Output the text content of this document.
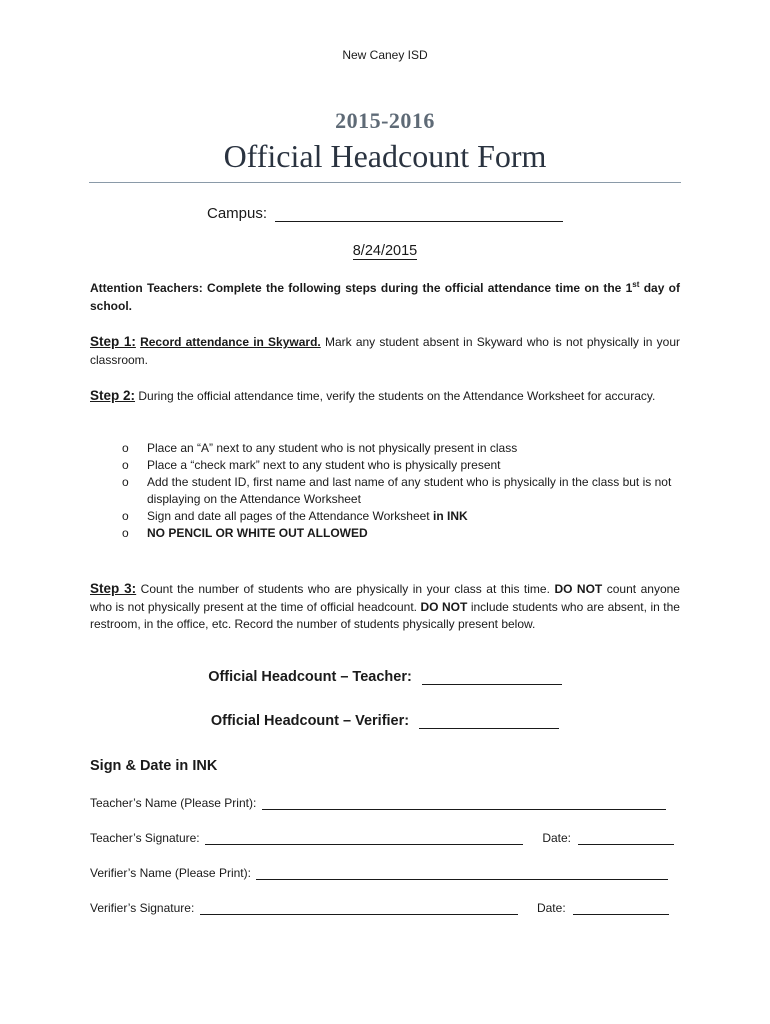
New Caney ISD
2015-2016
Official Headcount Form
Campus:
8/24/2015
Attention Teachers: Complete the following steps during the official attendance time on the 1st day of school.
Step 1: Record attendance in Skyward. Mark any student absent in Skyward who is not physically in your classroom.
Step 2: During the official attendance time, verify the students on the Attendance Worksheet for accuracy.
o	Place an “A” next to any student who is not physically present in class
o	Place a “check mark” next to any student who is physically present
o	Add the student ID, first name and last name of any student who is physically in the class but is not displaying on the Attendance Worksheet
o	Sign and date all pages of the Attendance Worksheet in INK
o	NO PENCIL OR WHITE OUT ALLOWED
Step 3: Count the number of students who are physically in your class at this time. DO NOT count anyone who is not physically present at the time of official headcount. DO NOT include students who are absent, in the restroom, in the office, etc. Record the number of students physically present below.
Official Headcount – Teacher:
Official Headcount – Verifier:
Sign & Date in INK
Teacher’s Name (Please Print):
Teacher’s Signature:	Date:
Verifier’s Name (Please Print):
Verifier’s Signature:	Date:
